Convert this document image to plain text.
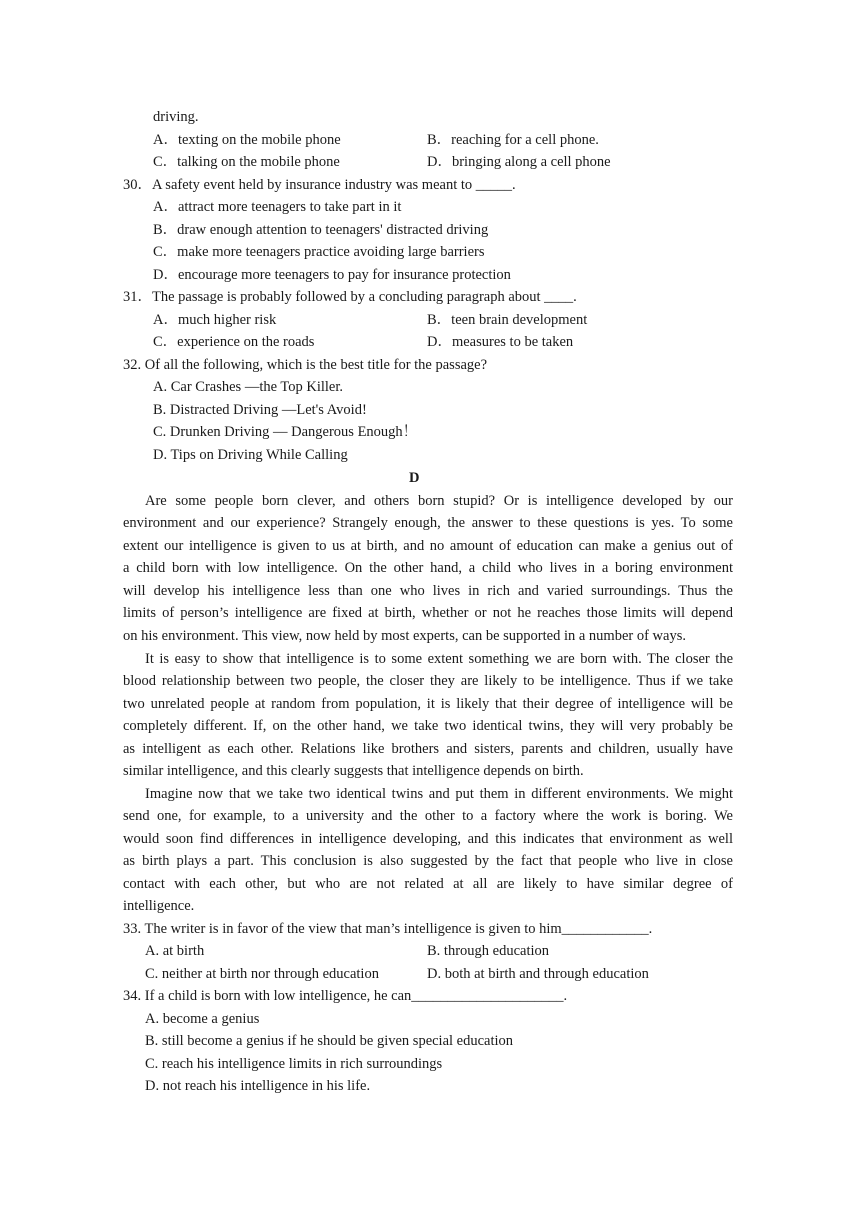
driving.
A．texting on the mobile phone	B．reaching for a cell phone.
C．talking on the mobile phone	D．bringing along a cell phone
30．A safety event held by insurance industry was meant to _____.
A．attract more teenagers to take part in it
B．draw enough attention to teenagers' distracted driving
C．make more teenagers practice avoiding large barriers
D．encourage more teenagers to pay for insurance protection
31．The passage is probably followed by a concluding paragraph about ____.
A．much higher risk	B．teen brain development
C．experience on the roads	D．measures to be taken
32. Of all the following, which is the best title for the passage?
A. Car Crashes —the Top Killer.
B. Distracted Driving —Let's Avoid!
C. Drunken Driving — Dangerous Enough！
D. Tips on Driving While Calling
D
Are some people born clever, and others born stupid? Or is intelligence developed by our
environment and our experience? Strangely enough, the answer to these questions is yes. To some
extent our intelligence is given to us at birth, and no amount of education can make a genius out of
a child born with low intelligence. On the other hand, a child who lives in a boring environment
will develop his intelligence less than one who lives in rich and varied surroundings. Thus the
limits of person’s intelligence are fixed at birth, whether or not he reaches those limits will depend
on his environment. This view, now held by most experts, can be supported in a number of ways.
It is easy to show that intelligence is to some extent something we are born with. The closer the
blood relationship between two people, the closer they are likely to be intelligence. Thus if we take
two unrelated people at random from population, it is likely that their degree of intelligence will be
completely different. If, on the other hand, we take two identical twins, they will very probably be
as intelligent as each other. Relations like brothers and sisters, parents and children, usually have
similar intelligence, and this clearly suggests that intelligence depends on birth.
Imagine now that we take two identical twins and put them in different environments. We might
send one, for example, to a university and the other to a factory where the work is boring. We
would soon find differences in intelligence developing, and this indicates that environment as well
as birth plays a part. This conclusion is also suggested by the fact that people who live in close
contact with each other, but who are not related at all are likely to have similar degree of
intelligence.
33. The writer is in favor of the view that man’s intelligence is given to him____________.
A. at birth	B. through education
C. neither at birth nor through education	D. both at birth and through education
34. If a child is born with low intelligence, he can_____________________.
A. become a genius
B. still become a genius if he should be given special education
C. reach his intelligence limits in rich surroundings
D. not reach his intelligence in his life.
